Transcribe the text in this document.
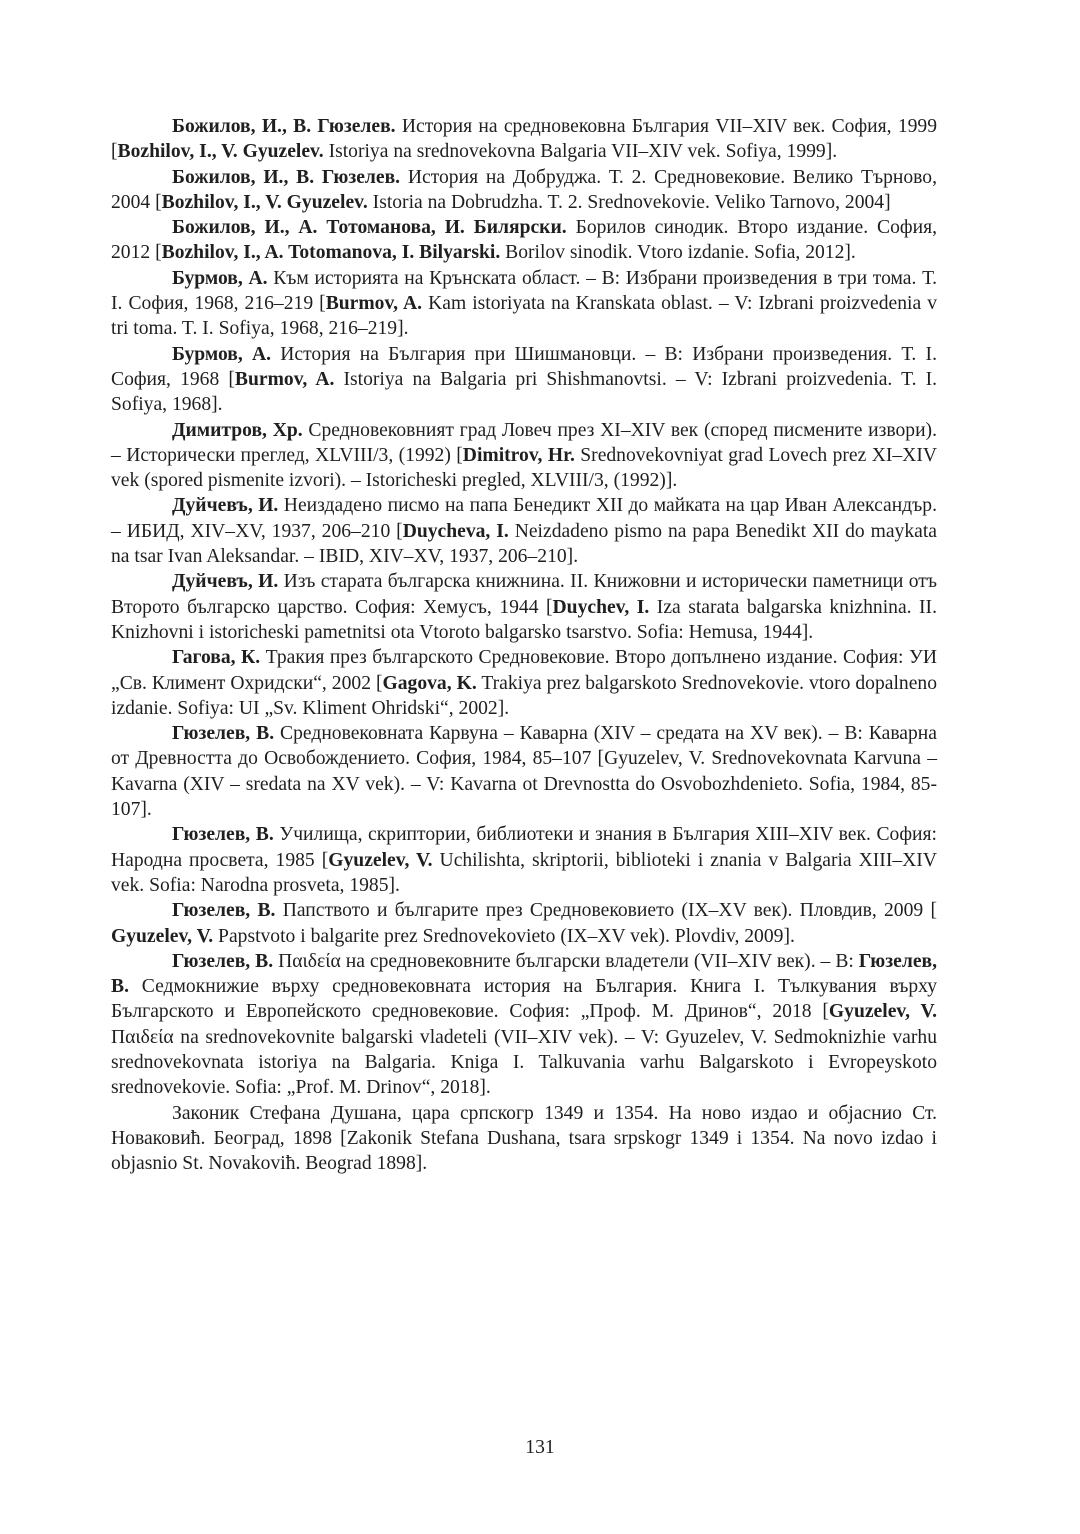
Божилов, И., В. Гюзелев. История на средновековна България VII–XIV век. София, 1999 [Bozhilov, I., V. Gyuzelev. Istoriya na srednovekovna Balgaria VII–XIV vek. Sofiya, 1999].

Божилов, И., В. Гюзелев. История на Добруджа. Т. 2. Средновековие. Велико Търново, 2004 [Bozhilov, I., V. Gyuzelev. Istoria na Dobrudzha. T. 2. Srednovekovie. Veliko Tarnovo, 2004]

Божилов, И., А. Тотоманова, И. Билярски. Борилов синодик. Второ издание. София, 2012 [Bozhilov, I., A. Totomanova, I. Bilyarski. Borilov sinodik. Vtoro izdanie. Sofia, 2012].

Бурмов, А. Към историята на Крънската област. – В: Избрани произведения в три тома. Т. I. София, 1968, 216–219 [Burmov, A. Kam istoriyata na Kranskata oblast. – V: Izbrani proizvedenia v tri toma. T. I. Sofiya, 1968, 216–219].

Бурмов, А. История на България при Шишмановци. – В: Избрани произведения. Т. I. София, 1968 [Burmov, A. Istoriya na Balgaria pri Shishmanovtsi. – V: Izbrani proizvedenia. T. I. Sofiya, 1968].

Димитров, Хр. Средновековният град Ловеч през XI–XIV век (според писмените извори). – Исторически преглед, XLVIII/3, (1992) [Dimitrov, Hr. Srednovekovniyat grad Lovech prez XI–XIV vek (spored pismenite izvori). – Istoricheski pregled, XLVIII/3, (1992)].

Дуйчевъ, И. Неиздадено писмо на папа Бенедикт XII до майката на цар Иван Александър. – ИБИД, XIV–XV, 1937, 206–210 [Duycheva, I. Neizdadeno pismo na papa Benedikt XII do maykata na tsar Ivan Aleksandar. – IBID, XIV–XV, 1937, 206–210].

Дуйчевъ, И. Изъ старата българска книжнина. II. Книжовни и исторически паметници отъ Второто българско царство. София: Хемусъ, 1944 [Duychev, I. Iza starata balgarska knizhnina. II. Knizhovni i istoricheski pametnitsi ota Vtoroto balgarsko tsarstvo. Sofia: Hemusa, 1944].

Гагова, К. Тракия през българското Средновековие. Второ допълнено издание. София: УИ „Св. Климент Охридски“, 2002 [Gagova, K. Trakiya prez balgarskoto Srednovekovie. vtoro dopalneno izdanie. Sofiya: UI „Sv. Kliment Ohridski“, 2002].

Гюзелев, В. Средновековната Карвуна – Каварна (XIV – средата на XV век). – В: Каварна от Древността до Освобождението. София, 1984, 85–107 [Gyuzelev, V. Srednovekovnata Karvuna – Kavarna (XIV – sredata na XV vek). – V: Kavarna ot Drevnostta do Osvobozhdenieto. Sofia, 1984, 85-107].

Гюзелев, В. Училища, скриптории, библиотеки и знания в България XIII–XIV век. София: Народна просвета, 1985 [Gyuzelev, V. Uchilishta, skriptorii, biblioteki i znania v Balgaria XIII–XIV vek. Sofia: Narodna prosveta, 1985].

Гюзелев, В. Папството и българите през Средновековието (IX–XV век). Пловдив, 2009 [ Gyuzelev, V. Papstvoto i balgarite prez Srednovekovieto (IX–XV vek). Plovdiv, 2009].

Гюзелев, В. Παιδεία на средновековните български владетели (VII–XIV век). – В: Гюзелев, В. Седмокнижие върху средновековната история на България. Книга I. Тълкувания върху Българското и Европейското средновековие. София: „Проф. М. Дринов“, 2018 [Gyuzelev, V. Παιδεία na srednovekovnite balgarski vladeteli (VII–XIV vek). – V: Gyuzelev, V. Sedmoknizhie varhu srednovekovnata istoriya na Balgaria. Kniga I. Talkuvania varhu Balgarskoto i Evropeyskoto srednovekovie. Sofia: „Prof. M. Drinov“, 2018].

Законик Стефана Душана, цара српскогр 1349 и 1354. На ново издао и објаснио Ст. Новаковић. Београд, 1898 [Zakonik Stefana Dushana, tsara srpskogr 1349 i 1354. Na novo izdao i objasnio St. Novakoviћ. Beograd 1898].

131
